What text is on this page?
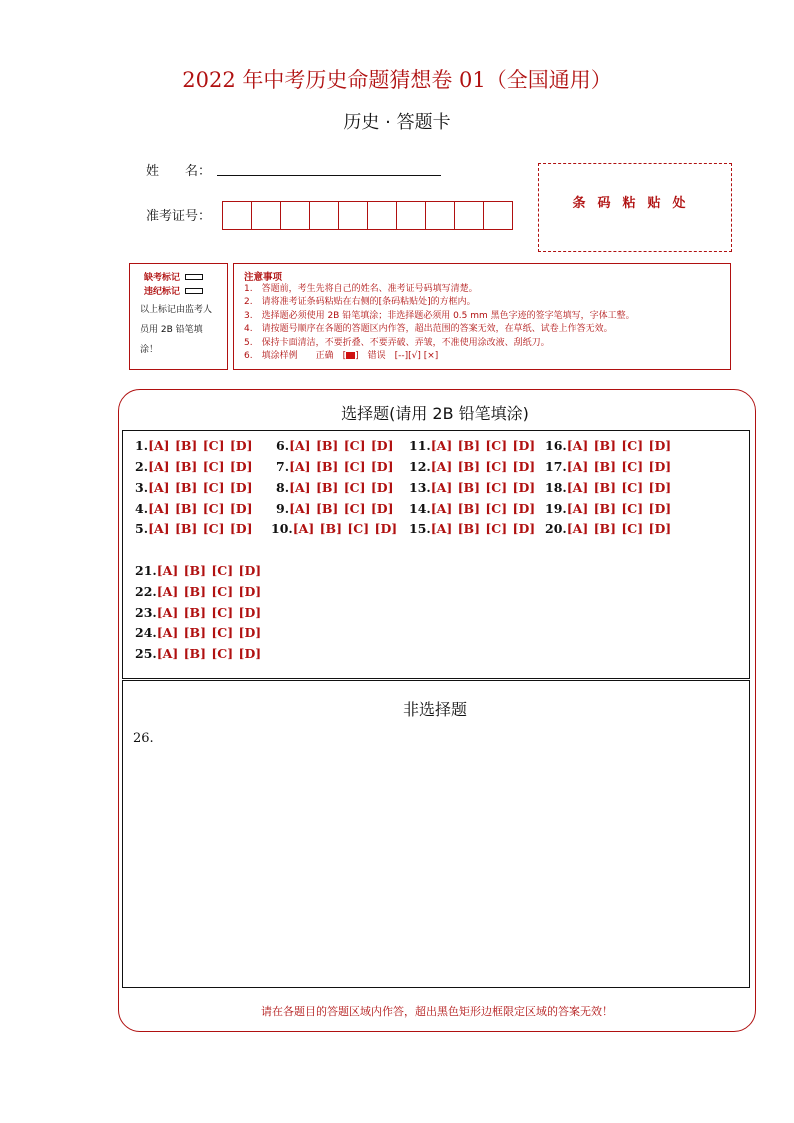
2022 年中考历史命题猜想卷 01（全国通用）
历史 · 答题卡
姓　　名：
准考证号：
条码粘贴处
缺考标记
违纪标记
以上标记由监考人员用 2B 铅笔填涂！
注意事项
1.　答题前，考生先将自己的姓名、准考证号码填写清楚。
2.　请将准考证条码粘贴在右侧的[条码粘贴处]的方框内。
3.　选择题必须使用 2B 铅笔填涂；非选择题必须用 0.5 mm 黑色字迹的签字笔填写，字体工整。
4.　请按题号顺序在各题的答题区内作答，超出范围的答案无效，在草纸、试卷上作答无效。
5.　保持卡面清洁，不要折叠、不要弄破、弄皱，不准使用涂改液、刮纸刀。
6.　填涂样例　　正确　[ ]　错误　[--][√] [×]
选择题(请用 2B 铅笔填涂)
1.[A] [B] [C] [D]
2.[A] [B] [C] [D]
3.[A] [B] [C] [D]
4.[A] [B] [C] [D]
5.[A] [B] [C] [D]
6.[A] [B] [C] [D]
7.[A] [B] [C] [D]
8.[A] [B] [C] [D]
9.[A] [B] [C] [D]
10.[A] [B] [C] [D]
11.[A] [B] [C] [D]
12.[A] [B] [C] [D]
13.[A] [B] [C] [D]
14.[A] [B] [C] [D]
15.[A] [B] [C] [D]
16.[A] [B] [C] [D]
17.[A] [B] [C] [D]
18.[A] [B] [C] [D]
19.[A] [B] [C] [D]
20.[A] [B] [C] [D]
21.[A] [B] [C] [D]
22.[A] [B] [C] [D]
23.[A] [B] [C] [D]
24.[A] [B] [C] [D]
25.[A] [B] [C] [D]
非选择题
26.
请在各题目的答题区域内作答，超出黑色矩形边框限定区域的答案无效！
